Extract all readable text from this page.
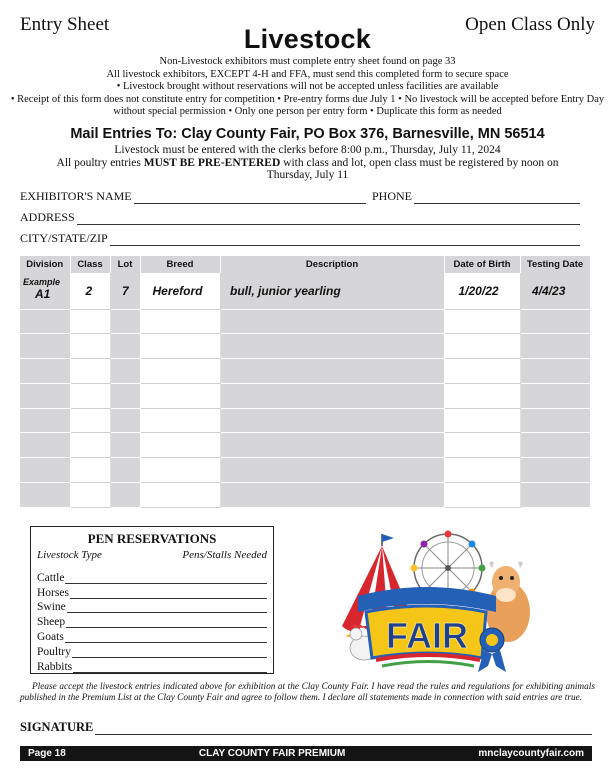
Entry Sheet	Livestock	Open Class Only
Non-Livestock exhibitors must complete entry sheet found on page 33
All livestock exhibitors, EXCEPT 4-H and FFA, must send this completed form to secure space
• Livestock brought without reservations will not be accepted unless facilities are available
• Receipt of this form does not constitute entry for competition • Pre-entry forms due July 1 • No livestock will be accepted before Entry Day without special permission • Only one person per entry form • Duplicate this form as needed
Mail Entries To: Clay County Fair, PO Box 376, Barnesville, MN 56514
Livestock must be entered with the clerks before 8:00 p.m., Thursday, July 11, 2024
All poultry entries MUST BE PRE-ENTERED with class and lot, open class must be registered by noon on Thursday, July 11
EXHIBITOR'S NAME	PHONE
ADDRESS
CITY/STATE/ZIP
Division	Class	Lot	Breed	Description	Date of Birth	Testing Date

Example
A1	2	7	Hereford	bull, junior yearling	1/20/22	4/4/23

PEN RESERVATIONS
Livestock Type	Pens/Stalls Needed
Cattle
Horses
Swine
Sheep
Goats
Poultry
Rabbits
FAIR
Please accept the livestock entries indicated above for exhibition at the Clay County Fair. I have read the rules and regulations for exhibiting animals published in the Premium List at the Clay County Fair and agree to follow them. I declare all statements made in connection with said entries are true.
SIGNATURE
Page 18	CLAY COUNTY FAIR PREMIUM	mnclaycountyfair.com
